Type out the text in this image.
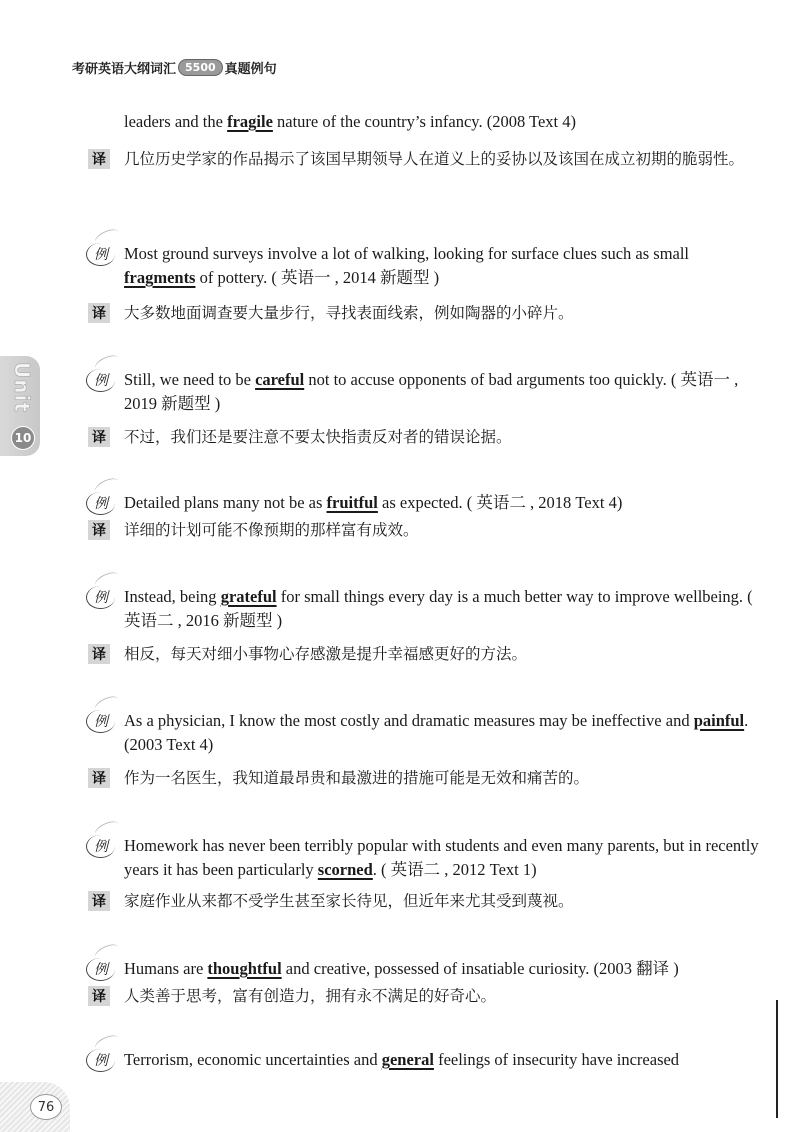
考研英语大纲词汇 5500 真题例句
Unit
10
leaders and the fragile nature of the country’s infancy. (2008 Text 4)
译 几位历史学家的作品揭示了该国早期领导人在道义上的妥协以及该国在成立初期的脆弱性。
例 Most ground surveys involve a lot of walking, looking for surface clues such as small fragments of pottery. ( 英语一 , 2014 新题型 )
译 大多数地面调查要大量步行，寻找表面线索，例如陶器的小碎片。
例 Still, we need to be careful not to accuse opponents of bad arguments too quickly. ( 英语一 , 2019 新题型 )
译 不过，我们还是要注意不要太快指责反对者的错误论据。
例 Detailed plans many not be as fruitful as expected. ( 英语二 , 2018 Text 4)
译 详细的计划可能不像预期的那样富有成效。
例 Instead, being grateful for small things every day is a much better way to improve wellbeing. ( 英语二 , 2016 新题型 )
译 相反，每天对细小事物心存感激是提升幸福感更好的方法。
例 As a physician, I know the most costly and dramatic measures may be ineffective and painful. (2003 Text 4)
译 作为一名医生，我知道最昂贵和最激进的措施可能是无效和痛苦的。
例 Homework has never been terribly popular with students and even many parents, but in recently years it has been particularly scorned. ( 英语二 , 2012 Text 1)
译 家庭作业从来都不受学生甚至家长待见，但近年来尤其受到蔑视。
例 Humans are thoughtful and creative, possessed of insatiable curiosity. (2003 翻译 )
译 人类善于思考，富有创造力，拥有永不满足的好奇心。
例 Terrorism, economic uncertainties and general feelings of insecurity have increased
76
